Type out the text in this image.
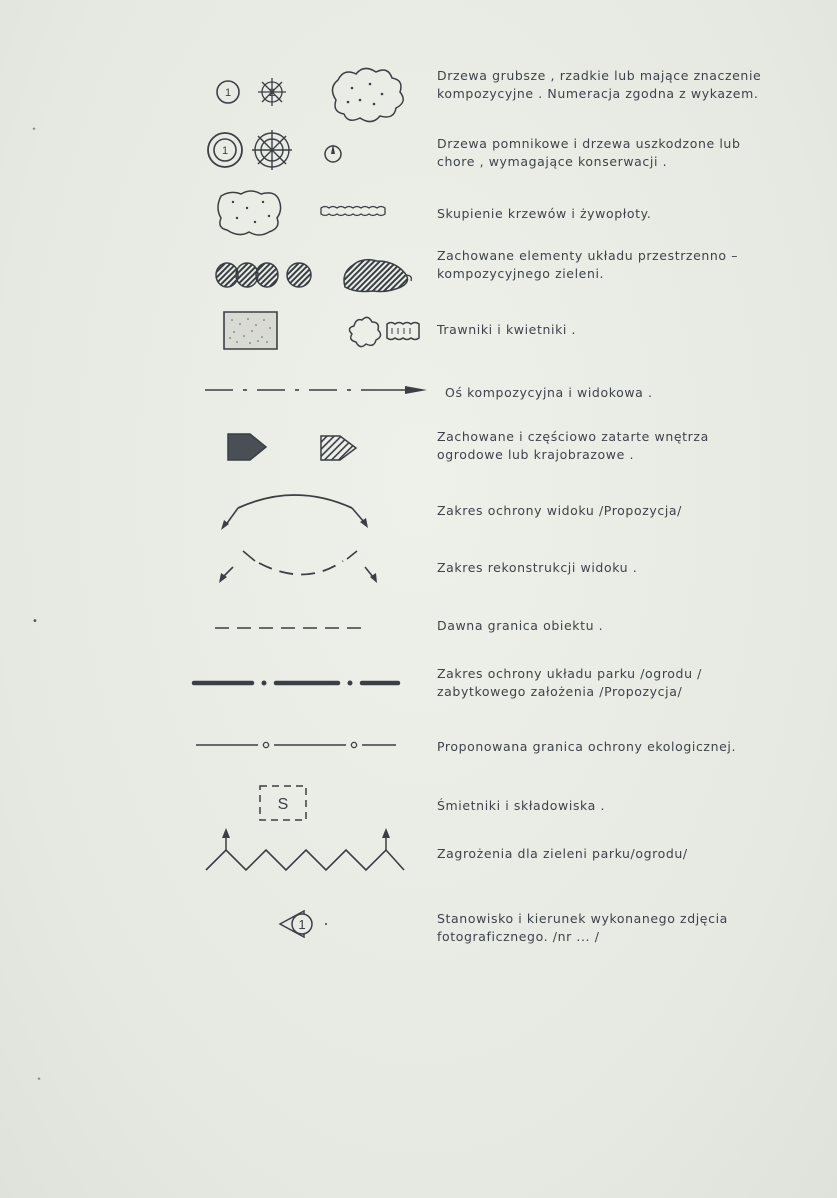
1	2
Drzewa grubsze , rzadkie lub mające znaczenie
kompozycyjne . Numeracja zgodna z wykazem.
1	Drzewa pomnikowe i drzewa uszkodzone lub
chore , wymagające konserwacji .
Skupienie krzewów i żywopłoty.
Zachowane elementy układu przestrzenno –
kompozycyjnego zieleni.
Trawniki i kwietniki .
Oś kompozycyjna i widokowa .
Zachowane i częściowo zatarte wnętrza
ogrodowe lub krajobrazowe .
Zakres ochrony widoku /Propozycja/
Zakres rekonstrukcji widoku .
Dawna granica obiektu .
Zakres ochrony układu parku /ogrodu /
zabytkowego założenia /Propozycja/
Proponowana granica ochrony ekologicznej.
S	Śmietniki i składowiska .
Zagrożenia dla zieleni parku/ogrodu/
1	Stanowisko i kierunek wykonanego zdjęcia
fotograficznego. /nr ... /
ᐩ
•
ᐩ
